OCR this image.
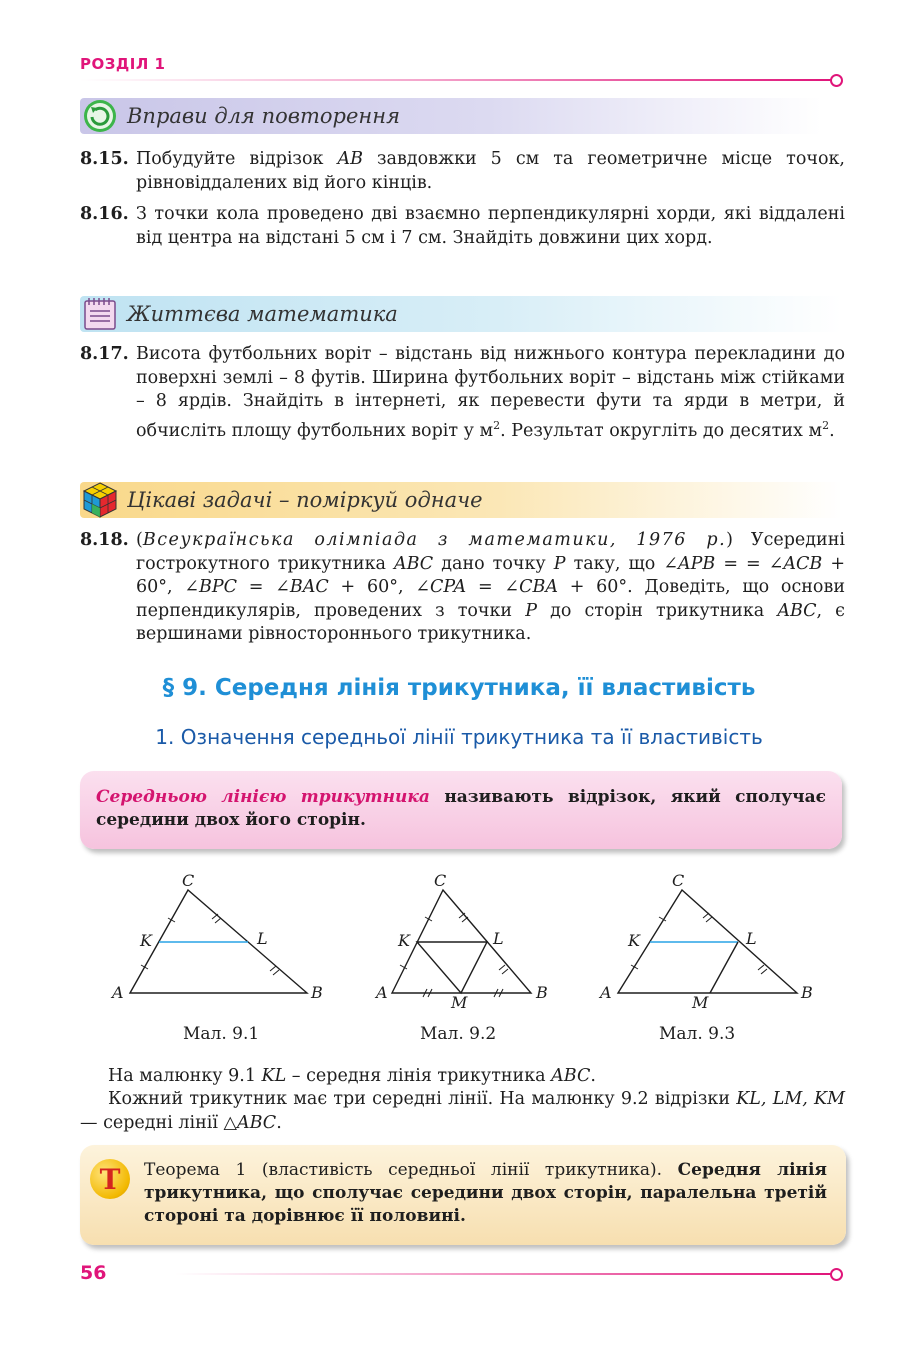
РОЗДІЛ 1
Вправи для повторення
8.15. Побудуйте відрізок AB завдовжки 5 см та геометричне місце точок, рівновіддалених від його кінців.
8.16. З точки кола проведено дві взаємно перпендикулярні хорди, які віддалені від центра на відстані 5 см і 7 см. Знайдіть довжини цих хорд.
Життєва математика
8.17. Висота футбольних воріт – відстань від нижнього контура перекладини до поверхні землі – 8 футів. Ширина футбольних воріт – відстань між стійками – 8 ярдів. Знайдіть в інтернеті, як перевести фути та ярди в метри, й обчисліть площу футбольних воріт у $м^2$. Результат округліть до десятих $м^2$.
Цікаві задачі – поміркуй одначе
8.18. (Всеукраїнська олімпіада з математики, 1976 р.) Усередині гострокутного трикутника ABC дано точку P таку, що ∠APB = = ∠ACB + 60°, ∠BPC = ∠BAC + 60°, ∠CPA = ∠CBA + 60°. Доведіть, що основи перпендикулярів, проведених з точки P до сторін трикутника ABC, є вершинами рівностороннього трикутника.
§ 9. Середня лінія трикутника, її властивість
1. Означення середньої лінії трикутника та її властивість
Середньою лінією трикутника називають відрізок, який сполучає середини двох його сторін.
A
C
B
K	L
A
C
B
K	L
M
A
C
B
K	L
M
Мал. 9.1	Мал. 9.2	Мал. 9.3
На малюнку 9.1 KL – середня лінія трикутника ABC.
Кожний трикутник має три середні лінії. На малюнку 9.2 відрізки KL, LM, KM — середні лінії △ABC.
Т Теорема 1 (властивість середньої лінії трикутника). Середня лінія трикутника, що сполучає середини двох сторін, паралельна третій стороні та дорівнює її половині.
56
